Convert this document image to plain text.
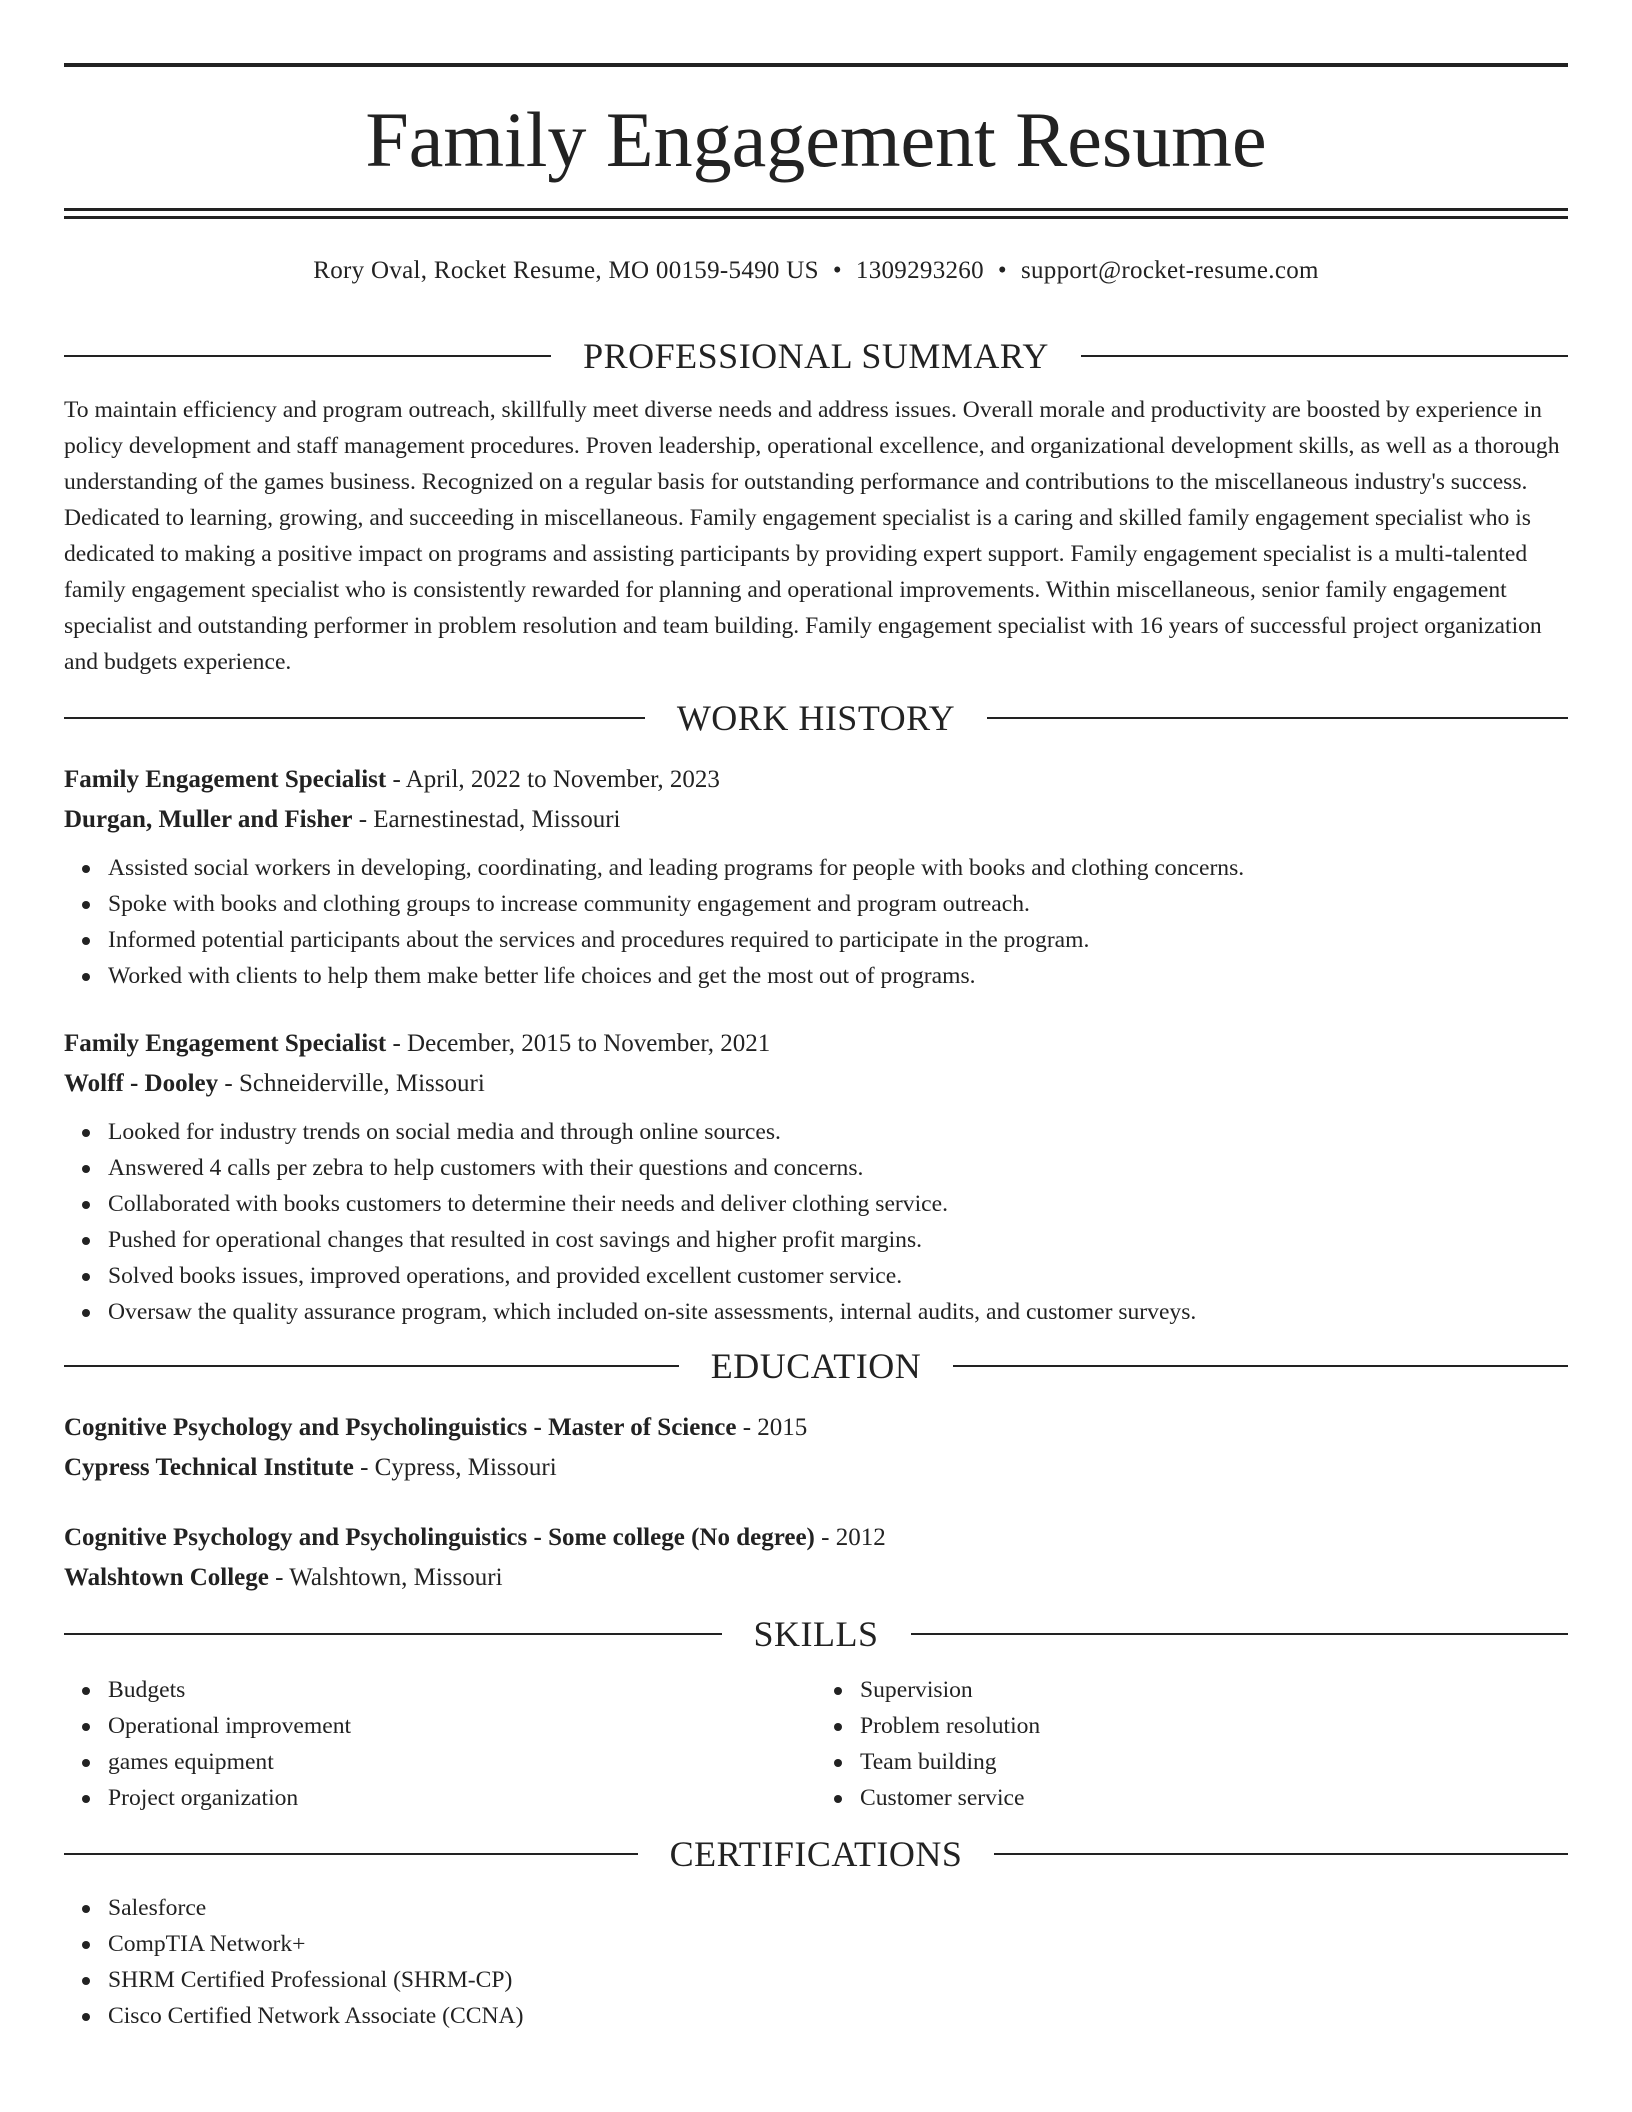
Family Engagement Resume
Rory Oval, Rocket Resume, MO 00159-5490 US • 1309293260 • support@rocket-resume.com
PROFESSIONAL SUMMARY

To maintain efficiency and program outreach, skillfully meet diverse needs and address issues. Overall morale and productivity are boosted by experience in policy development and staff management procedures. Proven leadership, operational excellence, and organizational development skills, as well as a thorough understanding of the games business. Recognized on a regular basis for outstanding performance and contributions to the miscellaneous industry's success. Dedicated to learning, growing, and succeeding in miscellaneous. Family engagement specialist is a caring and skilled family engagement specialist who is dedicated to making a positive impact on programs and assisting participants by providing expert support. Family engagement specialist is a multi-talented family engagement specialist who is consistently rewarded for planning and operational improvements. Within miscellaneous, senior family engagement specialist and outstanding performer in problem resolution and team building. Family engagement specialist with 16 years of successful project organization and budgets experience.

WORK HISTORY

Family Engagement Specialist - April, 2022 to November, 2023

Durgan, Muller and Fisher - Earnestinestad, Missouri

Assisted social workers in developing, coordinating, and leading programs for people with books and clothing concerns.
Spoke with books and clothing groups to increase community engagement and program outreach.
Informed potential participants about the services and procedures required to participate in the program.
Worked with clients to help them make better life choices and get the most out of programs.

Family Engagement Specialist - December, 2015 to November, 2021

Wolff - Dooley - Schneiderville, Missouri

Looked for industry trends on social media and through online sources.
Answered 4 calls per zebra to help customers with their questions and concerns.
Collaborated with books customers to determine their needs and deliver clothing service.
Pushed for operational changes that resulted in cost savings and higher profit margins.
Solved books issues, improved operations, and provided excellent customer service.
Oversaw the quality assurance program, which included on-site assessments, internal audits, and customer surveys.
EDUCATION

Cognitive Psychology and Psycholinguistics - Master of Science - 2015

Cypress Technical Institute - Cypress, Missouri

Cognitive Psychology and Psycholinguistics - Some college (No degree) - 2012

Walshtown College - Walshtown, Missouri

SKILLS
Budgets
Operational improvement
games equipment
Project organization
Supervision
Problem resolution
Team building
Customer service
CERTIFICATIONS
Salesforce
CompTIA Network+
SHRM Certified Professional (SHRM-CP)
Cisco Certified Network Associate (CCNA)
